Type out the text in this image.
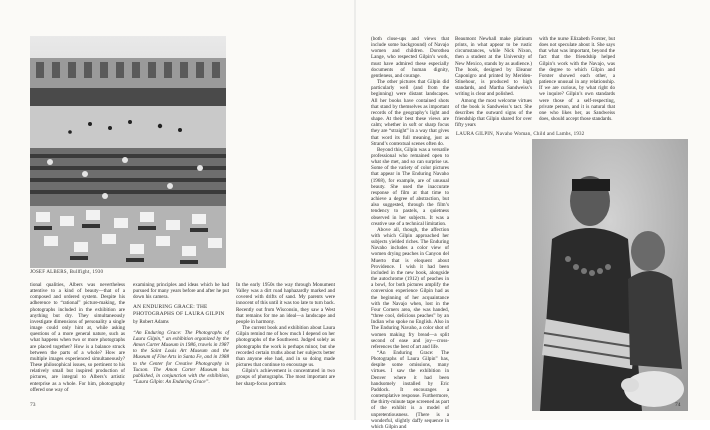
JOSEF ALBERS, Bullfight, 1930

tional qualities, Albers was nevertheless attentive to a kind of beauty—that of a composed and ordered system. Despite his adherence to “rational” picture-making, the photographs included in the exhibition are anything but dry. They simultaneously investigate dimensions of personality a single image could only hint at, while asking questions of a more general nature, such as what happens when two or more photographs are placed together? How is a balance struck between the parts of a whole? How are multiple images experienced simultaneously? These philosophical issues, so pertinent to his relatively small but inspired production of pictures, are integral to Albers’s artistic enterprise as a whole. For him, photography offered one way of

examining principles and ideas which he had pursued for many years before and after he put down his camera.

AN ENDURING GRACE: THE PHOTOGRAPHS OF LAURA GILPIN
by Robert Adams

“An Enduring Grace: The Photographs of Laura Gilpin,” an exhibition organized by the Amon Carter Museum in 1986, travels in 1987 to the Saint Louis Art Museum and the Museum of Fine Arts in Santa Fe, and in 1988 to the Center for Creative Photography in Tucson. The Amon Carter Museum has published, in conjunction with the exhibition, “Laura Gilpin: An Enduring Grace”.

In the early 1950s the way through Monument Valley was a dirt road haphazardly marked and covered with drifts of sand. My parents were innocent of this until it was too late to turn back. Recently out from Wisconsin, they saw a West that remains for me an ideal—a landscape and people in harmony.

The current book and exhibition about Laura Gilpin remind me of how much I depend on her photographs of the Southwest. Judged solely as photographs the work is perhaps minor, but she recorded certain truths about her subjects better than anyone else had, and in so doing made pictures that continue to encourage us.

Gilpin’s achievement is concentrated in two groups of photographs. The most important are her sharp-focus portraits

73

(both close-ups and views that include some background) of Navajo women and children. Dorothea Lange, who respected Gilpin’s work, must have admired these especially documents of human dignity, gentleness, and courage.

The other pictures that Gilpin did particularly well (and from the beginning) were distant landscapes. All her books have contained shots that stand by themselves as important records of the geography’s light and shape. At their best these views are calm; whether in soft or sharp focus they are “straight” in a way that gives that word its full meaning, just as Strand’s contextual scenes often do.

Beyond this, Gilpin was a versatile professional who remained open to what she met, and so can surprise us. Some of the variety of color pictures that appear in The Enduring Navaho (1968), for example, are of unusual beauty. She used the inaccurate response of film at that time to achieve a degree of abstraction, but also suggested, through the film’s tendency to pastels, a quietness observed in her subjects. It was a creative use of a technical limitation.

Above all, though, the affection with which Gilpin approached her subjects yielded riches. The Enduring Navaho includes a color view of women drying peaches in Canyon del Muerto that is eloquent about Providence. I wish it had been included in the new book, alongside the autochrome (1912) of peaches in a bowl, for both pictures amplify the conversion experience Gilpin had as the beginning of her acquaintance with the Navajo when, lost in the Four Corners area, she was handed, “three cool, delicious peaches” by an Indian who spoke no English. Also in The Enduring Navaho, a color shot of women making fry bread—a split second of ease and joy—cross-references the best of art and life.

“An Enduring Grace: The Photographs of Laura Gilpin” has, despite some omissions, many virtues. I saw the exhibition in Denver where it had been handsomely installed by Eric Paddock. It encourages a contemplative response. Furthermore, the thirty-minute tape screened as part of the exhibit is a model of unpretentiousness. (There is a wonderful, slightly daffy sequence in which Gilpin and

Beaumont Newhall make platinum prints, in what appear to be rustic circumstances, while Nick Nixon, then a student at the University of New Mexico, stands by as audience.) The book, designed by Eleanor Caponigro and printed by Meriden-Stinehour, is produced to high standards, and Martha Sandweiss’s writing is clear and polished.

Among the most welcome virtues of the book is Sandweiss’s tact. She describes the outward signs of the friendship that Gilpin shared for over fifty years

with the nurse Elizabeth Forster, but does not speculate about it. She says that what was important, beyond the fact that the friendship helped Gilpin’s work with the Navajo, was the degree to which Gilpin and Forster showed each other, a patience unusual in any relationship. If we are curious, by what right do we inquire? Gilpin’s own standards were those of a self-respecting, private person, and it is natural that one who likes her, as Sandweiss does, should accept those standards.

LAURA GILPIN, Navaho Woman, Child and Lambs, 1932
74
